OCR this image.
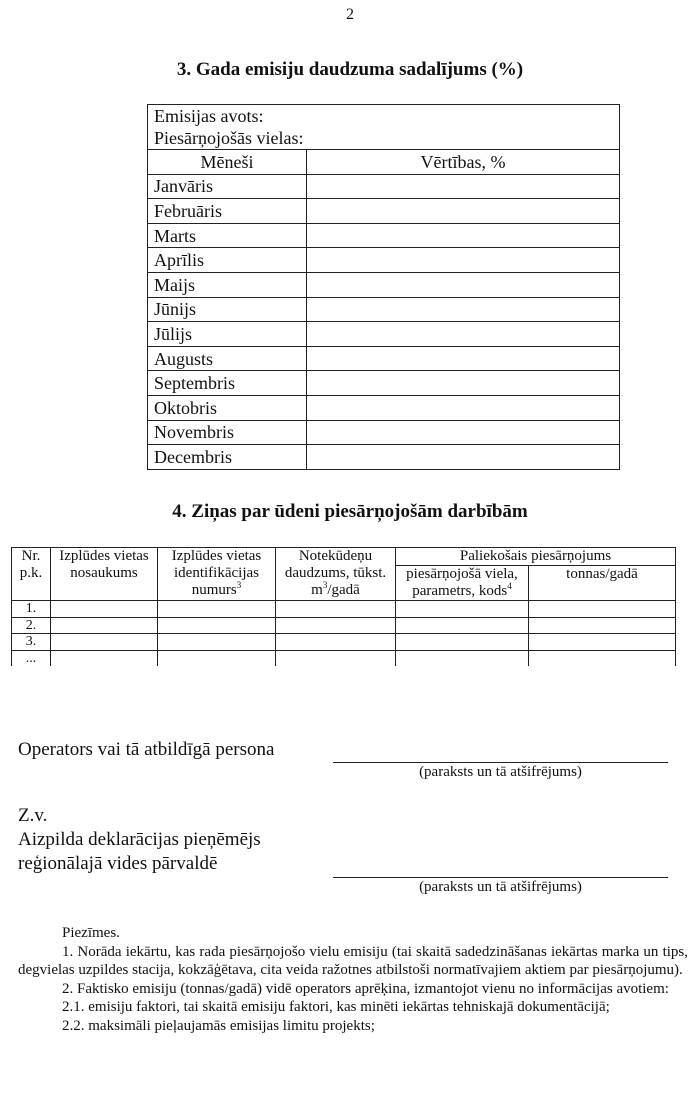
2
3. Gada emisiju daudzuma sadalījums (%)
Emisijas avots:	
Piesārņojošās vielas:	
Mēneši	Vērtības, %
Janvāris	
Februāris	
Marts	
Aprīlis	
Maijs	
Jūnijs	
Jūlijs	
Augusts	
Septembris	
Oktobris	
Novembris	
Decembris	
4. Ziņas par ūdeni piesārņojošām darbībām
Nr. p.k.	Izplūdes vietas nosaukums	Izplūdes vietas identifikācijas numurs$^3$	Notekūdeņu daudzums, tūkst. $m^3$/gadā	Paliekošais piesārņojums	
				piesārņojošā viela, parametrs, kods$^4$	tonnas/gadā
1.					
2.					
3.					
...					
Operators vai tā atbildīgā persona
(paraksts un tā atšifrējums)
Z.v.
Aizpilda deklarācijas pieņēmējs
reģionālajā vides pārvaldē
(paraksts un tā atšifrējums)

Piezīmes.

1. Norāda iekārtu, kas rada piesārņojošo vielu emisiju (tai skaitā sadedzināšanas iekārtas marka un tips, degvielas uzpildes stacija, kokzāģētava, cita veida ražotnes atbilstoši normatīvajiem aktiem par piesārņojumu).

2. Faktisko emisiju (tonnas/gadā) vidē operators aprēķina, izmantojot vienu no informācijas avotiem:

2.1. emisiju faktori, tai skaitā emisiju faktori, kas minēti iekārtas tehniskajā dokumentācijā;

2.2. maksimāli pieļaujamās emisijas limitu projekts;
